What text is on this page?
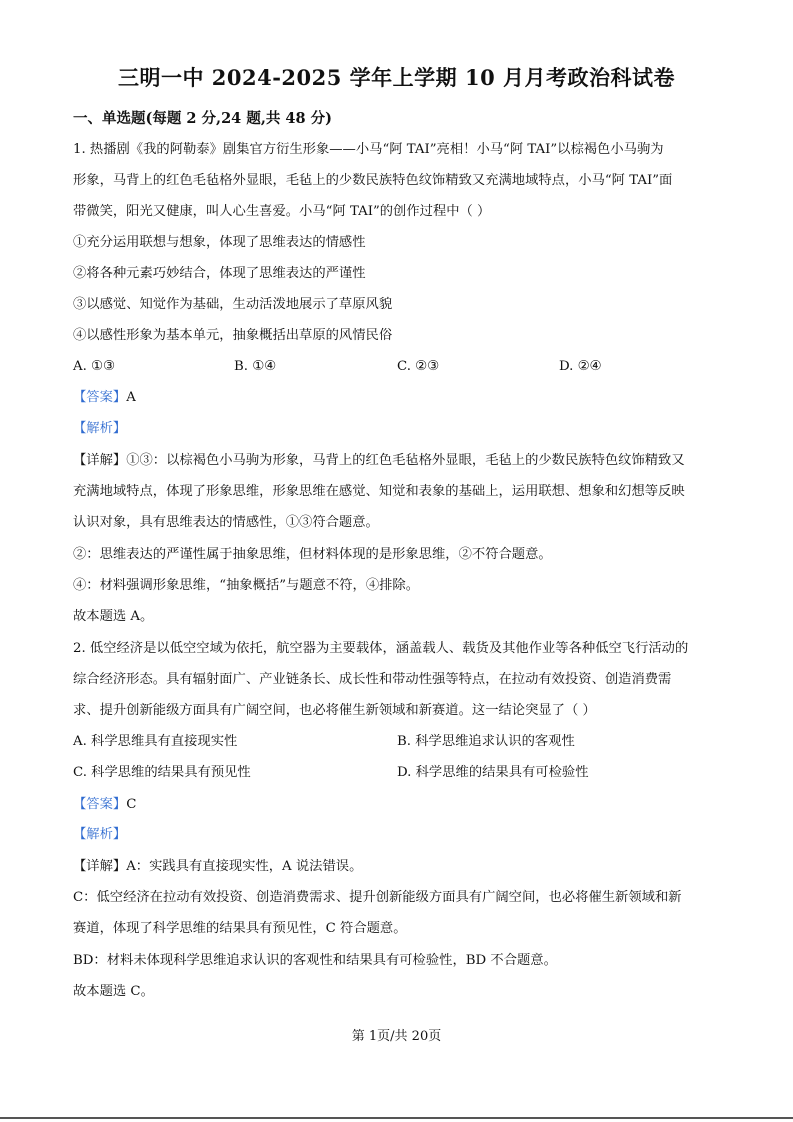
三明一中 2024-2025 学年上学期 10 月月考政治科试卷
一、单选题(每题 2 分,24 题,共 48 分)
1. 热播剧《我的阿勒泰》剧集官方衍生形象——小马“阿 TAI”亮相！小马“阿 TAI”以棕褐色小马驹为
形象，马背上的红色毛毡格外显眼，毛毡上的少数民族特色纹饰精致又充满地域特点，小马“阿 TAI”面
带微笑，阳光又健康，叫人心生喜爱。小马“阿 TAI”的创作过程中（ ）
①充分运用联想与想象，体现了思维表达的情感性
②将各种元素巧妙结合，体现了思维表达的严谨性
③以感觉、知觉作为基础，生动活泼地展示了草原风貌
④以感性形象为基本单元，抽象概括出草原的风情民俗
A. ①③	B. ①④	C. ②③	D. ②④
【答案】A
【解析】
【详解】①③：以棕褐色小马驹为形象，马背上的红色毛毡格外显眼，毛毡上的少数民族特色纹饰精致又
充满地域特点，体现了形象思维，形象思维在感觉、知觉和表象的基础上，运用联想、想象和幻想等反映
认识对象，具有思维表达的情感性，①③符合题意。
②：思维表达的严谨性属于抽象思维，但材料体现的是形象思维，②不符合题意。
④：材料强调形象思维，“抽象概括”与题意不符，④排除。
故本题选 A。
2. 低空经济是以低空空域为依托，航空器为主要载体，涵盖载人、载货及其他作业等各种低空飞行活动的
综合经济形态。具有辐射面广、产业链条长、成长性和带动性强等特点，在拉动有效投资、创造消费需
求、提升创新能级方面具有广阔空间，也必将催生新领域和新赛道。这一结论突显了（ ）
A. 科学思维具有直接现实性	B. 科学思维追求认识的客观性
C. 科学思维的结果具有预见性	D. 科学思维的结果具有可检验性
【答案】C
【解析】
【详解】A：实践具有直接现实性，A 说法错误。
C：低空经济在拉动有效投资、创造消费需求、提升创新能级方面具有广阔空间，也必将催生新领域和新
赛道，体现了科学思维的结果具有预见性，C 符合题意。
BD：材料未体现科学思维追求认识的客观性和结果具有可检验性，BD 不合题意。
故本题选 C。
第 1页/共 20页
